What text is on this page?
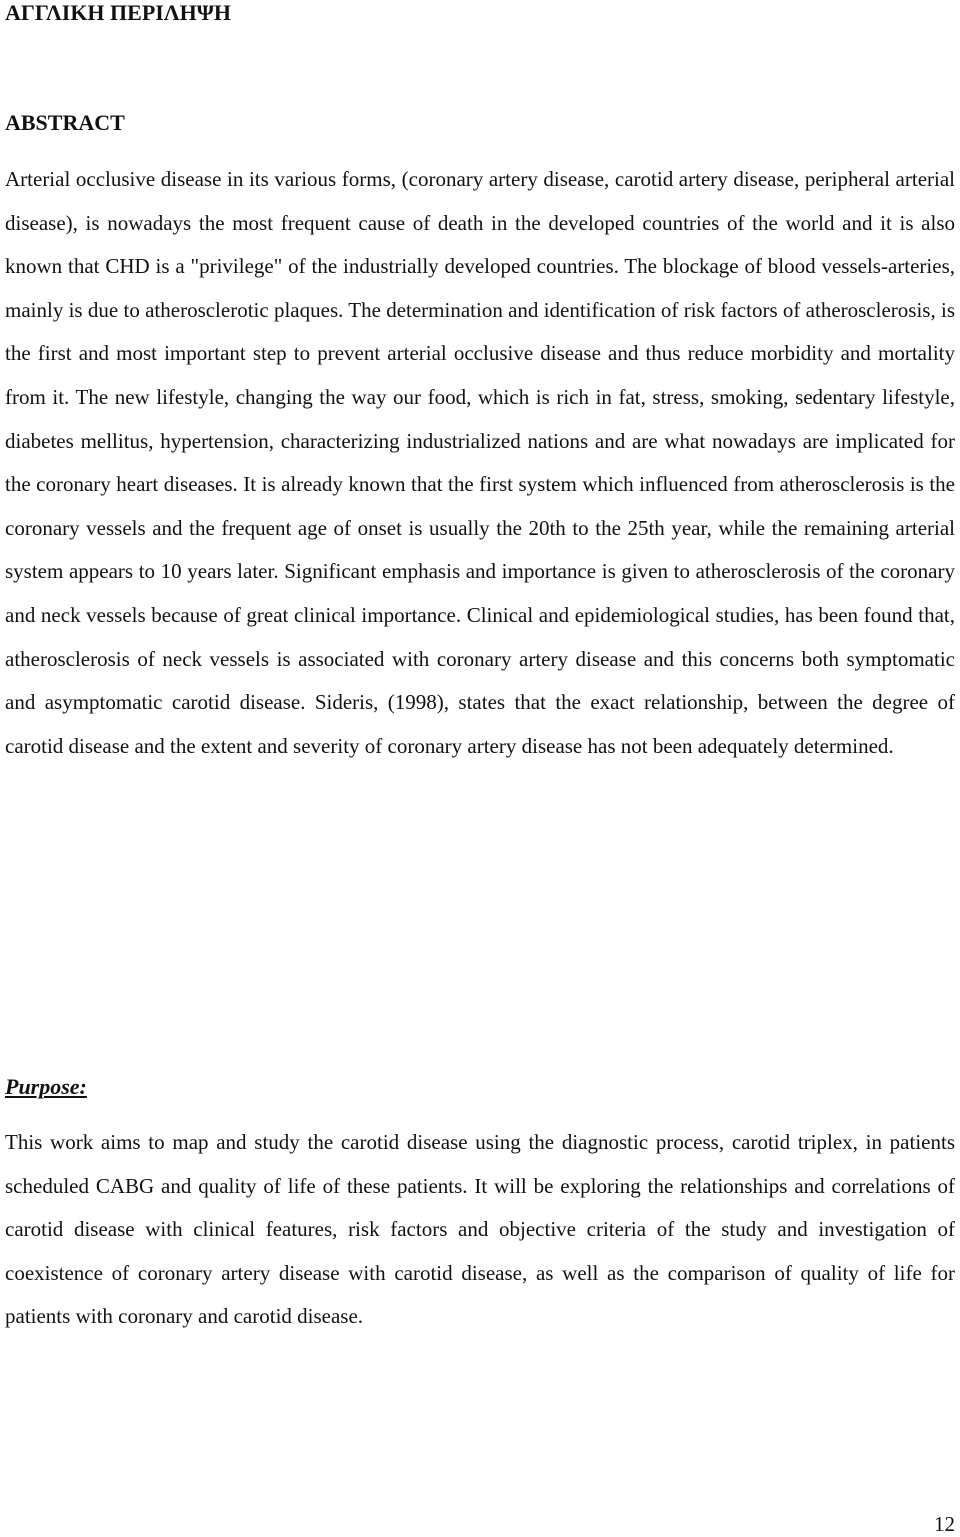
ΑΓΓΛΙΚΗ ΠΕΡΙΛΗΨΗ
ABSTRACT

Arterial occlusive disease in its various forms, (coronary artery disease, carotid artery disease, peripheral arterial disease), is nowadays the most frequent cause of death in the developed countries of the world and it is also known that CHD is a "privilege" of the industrially developed countries. The blockage of blood vessels-arteries, mainly is due to atherosclerotic plaques. The determination and identification of risk factors of atherosclerosis, is the first and most important step to prevent arterial occlusive disease and thus reduce morbidity and mortality from it. The new lifestyle, changing the way our food, which is rich in fat, stress, smoking, sedentary lifestyle, diabetes mellitus, hypertension, characterizing industrialized nations and are what nowadays are implicated for the coronary heart diseases. It is already known that the first system which influenced from atherosclerosis is the coronary vessels and the frequent age of onset is usually the 20th to the 25th year, while the remaining arterial system appears to 10 years later. Significant emphasis and importance is given to atherosclerosis of the coronary and neck vessels because of great clinical importance. Clinical and epidemiological studies, has been found that, atherosclerosis of neck vessels is associated with coronary artery disease and this concerns both symptomatic and asymptomatic carotid disease. Sideris, (1998), states that the exact relationship, between the degree of carotid disease and the extent and severity of coronary artery disease has not been adequately determined.

Purpose:

This work aims to map and study the carotid disease using the diagnostic process, carotid triplex, in patients scheduled CABG and quality of life of these patients. It will be exploring the relationships and correlations of carotid disease with clinical features, risk factors and objective criteria of the study and investigation of coexistence of coronary artery disease with carotid disease, as well as the comparison of quality of life for patients with coronary and carotid disease.

12
